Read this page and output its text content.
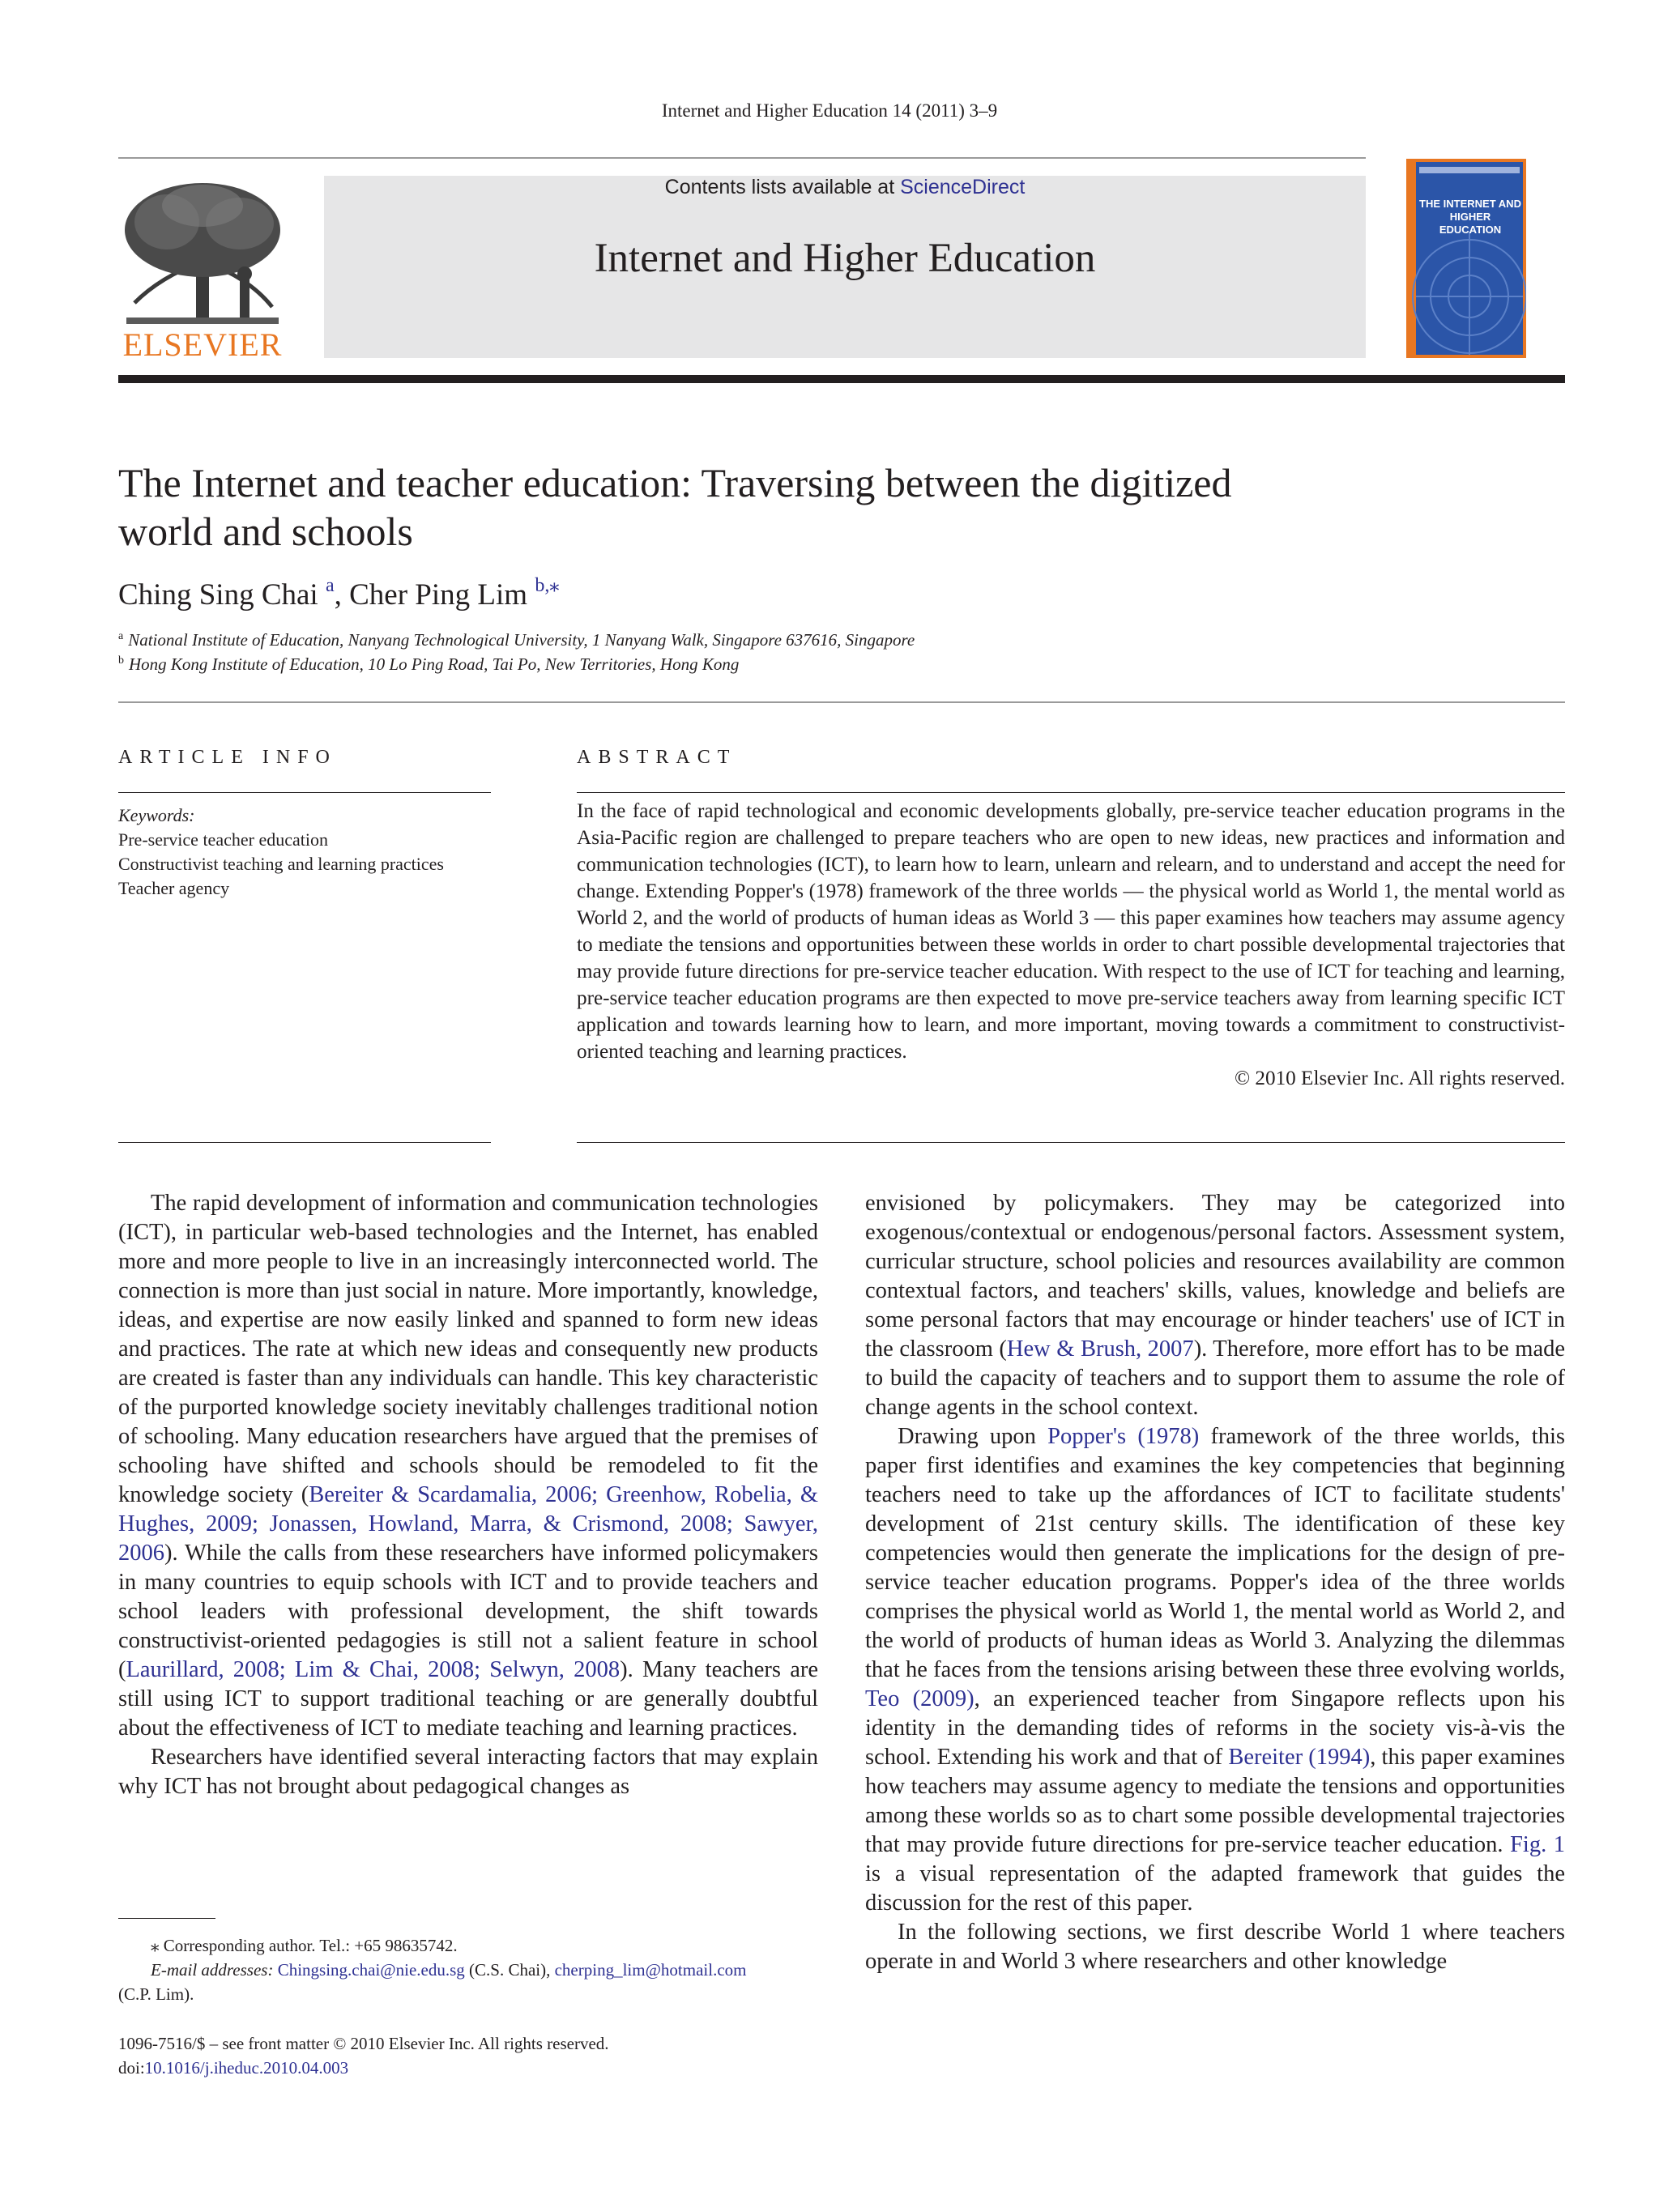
Internet and Higher Education 14 (2011) 3–9
ELSEVIER
Contents lists available at ScienceDirect
Internet and Higher Education
THE INTERNET AND
HIGHER EDUCATION
The Internet and teacher education: Traversing between the digitized
world and schools
Ching Sing Chai $^a$, Cher Ping Lim $^{b,⁎}$
$^a$ National Institute of Education, Nanyang Technological University, 1 Nanyang Walk, Singapore 637616, Singapore
$^b$ Hong Kong Institute of Education, 10 Lo Ping Road, Tai Po, New Territories, Hong Kong
ARTICLE INFO
Keywords:
Pre-service teacher education
Constructivist teaching and learning practices
Teacher agency
ABSTRACT
In the face of rapid technological and economic developments globally, pre-service teacher education programs in the Asia-Pacific region are challenged to prepare teachers who are open to new ideas, new practices and information and communication technologies (ICT), to learn how to learn, unlearn and relearn, and to understand and accept the need for change. Extending Popper's (1978) framework of the three worlds — the physical world as World 1, the mental world as World 2, and the world of products of human ideas as World 3 — this paper examines how teachers may assume agency to mediate the tensions and opportunities between these worlds in order to chart possible developmental trajectories that may provide future directions for pre-service teacher education. With respect to the use of ICT for teaching and learning, pre-service teacher education programs are then expected to move pre-service teachers away from learning specific ICT application and towards learning how to learn, and more important, moving towards a commitment to constructivist-oriented teaching and learning practices.
© 2010 Elsevier Inc. All rights reserved.

The rapid development of information and communication technologies (ICT), in particular web-based technologies and the Internet, has enabled more and more people to live in an increasingly interconnected world. The connection is more than just social in nature. More importantly, knowledge, ideas, and expertise are now easily linked and spanned to form new ideas and practices. The rate at which new ideas and consequently new products are created is faster than any individuals can handle. This key characteristic of the purported knowledge society inevitably challenges traditional notion of schooling. Many education researchers have argued that the premises of schooling have shifted and schools should be remodeled to fit the knowledge society (Bereiter & Scardamalia, 2006; Greenhow, Robelia, & Hughes, 2009; Jonassen, Howland, Marra, & Crismond, 2008; Sawyer, 2006). While the calls from these researchers have informed policymakers in many countries to equip schools with ICT and to provide teachers and school leaders with professional development, the shift towards constructivist-oriented pedagogies is still not a salient feature in school (Laurillard, 2008; Lim & Chai, 2008; Selwyn, 2008). Many teachers are still using ICT to support traditional teaching or are generally doubtful about the effectiveness of ICT to mediate teaching and learning practices.

Researchers have identified several interacting factors that may explain why ICT has not brought about pedagogical changes as

envisioned by policymakers. They may be categorized into exogenous/contextual or endogenous/personal factors. Assessment system, curricular structure, school policies and resources availability are common contextual factors, and teachers' skills, values, knowledge and beliefs are some personal factors that may encourage or hinder teachers' use of ICT in the classroom (Hew & Brush, 2007). Therefore, more effort has to be made to build the capacity of teachers and to support them to assume the role of change agents in the school context.

Drawing upon Popper's (1978) framework of the three worlds, this paper first identifies and examines the key competencies that beginning teachers need to take up the affordances of ICT to facilitate students' development of 21st century skills. The identification of these key competencies would then generate the implications for the design of pre-service teacher education programs. Popper's idea of the three worlds comprises the physical world as World 1, the mental world as World 2, and the world of products of human ideas as World 3. Analyzing the dilemmas that he faces from the tensions arising between these three evolving worlds, Teo (2009), an experienced teacher from Singapore reflects upon his identity in the demanding tides of reforms in the society vis-à-vis the school. Extending his work and that of Bereiter (1994), this paper examines how teachers may assume agency to mediate the tensions and opportunities among these worlds so as to chart some possible developmental trajectories that may provide future directions for pre-service teacher education. Fig. 1 is a visual representation of the adapted framework that guides the discussion for the rest of this paper.

In the following sections, we first describe World 1 where teachers operate in and World 3 where researchers and other knowledge

⁎ Corresponding author. Tel.: +65 98635742.
E-mail addresses: Chingsing.chai@nie.edu.sg (C.S. Chai), cherping_lim@hotmail.com
(C.P. Lim).
1096-7516/$ – see front matter © 2010 Elsevier Inc. All rights reserved.
doi:10.1016/j.iheduc.2010.04.003
